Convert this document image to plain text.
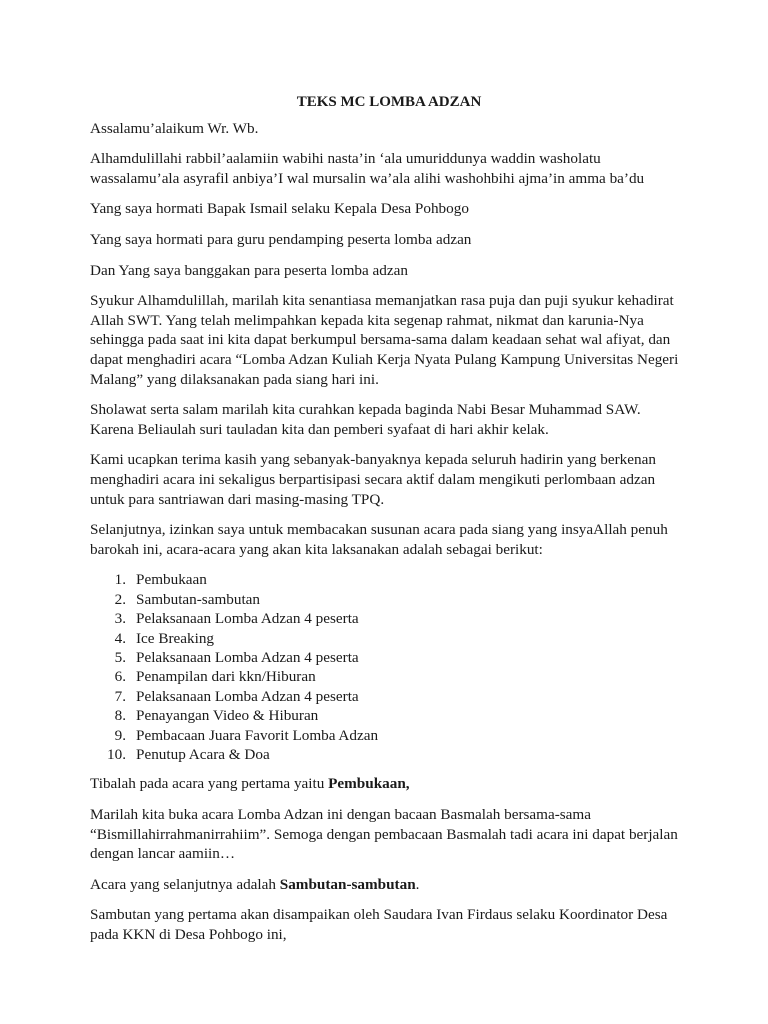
TEKS MC LOMBA ADZAN

Assalamu’alaikum Wr. Wb.

Alhamdulillahi rabbil’aalamiin wabihi nasta’in ‘ala umuriddunya waddin washolatu wassalamu’ala asyrafil anbiya’I wal mursalin wa’ala alihi washohbihi ajma’in amma ba’du

Yang saya hormati Bapak Ismail selaku Kepala Desa Pohbogo

Yang saya hormati para guru pendamping peserta lomba adzan

Dan Yang saya banggakan para peserta lomba adzan

Syukur Alhamdulillah, marilah kita senantiasa memanjatkan rasa puja dan puji syukur kehadirat Allah SWT. Yang telah melimpahkan kepada kita segenap rahmat, nikmat dan karunia-Nya sehingga pada saat ini kita dapat berkumpul bersama-sama dalam keadaan sehat wal afiyat, dan dapat menghadiri acara “Lomba Adzan Kuliah Kerja Nyata Pulang Kampung Universitas Negeri Malang” yang dilaksanakan pada siang hari ini.

Sholawat serta salam marilah kita curahkan kepada baginda Nabi Besar Muhammad SAW. Karena Beliaulah suri tauladan kita dan pemberi syafaat di hari akhir kelak.

Kami ucapkan terima kasih yang sebanyak-banyaknya kepada seluruh hadirin yang berkenan menghadiri acara ini sekaligus berpartisipasi secara aktif dalam mengikuti perlombaan adzan untuk para santriawan dari masing-masing TPQ.

Selanjutnya, izinkan saya untuk membacakan susunan acara pada siang yang insyaAllah penuh barokah ini, acara-acara yang akan kita laksanakan adalah sebagai berikut:

1. Pembukaan
2. Sambutan-sambutan
3. Pelaksanaan Lomba Adzan 4 peserta
4. Ice Breaking
5. Pelaksanaan Lomba Adzan 4 peserta
6. Penampilan dari kkn/Hiburan
7. Pelaksanaan Lomba Adzan 4 peserta
8. Penayangan Video & Hiburan
9. Pembacaan Juara Favorit Lomba Adzan
10. Penutup Acara & Doa

Tibalah pada acara yang pertama yaitu Pembukaan,

Marilah kita buka acara Lomba Adzan ini dengan bacaan Basmalah bersama-sama “Bismillahirrahmanirrahiim”. Semoga dengan pembacaan Basmalah tadi acara ini dapat berjalan dengan lancar aamiin…

Acara yang selanjutnya adalah Sambutan-sambutan.

Sambutan yang pertama akan disampaikan oleh Saudara Ivan Firdaus selaku Koordinator Desa pada KKN di Desa Pohbogo ini,
